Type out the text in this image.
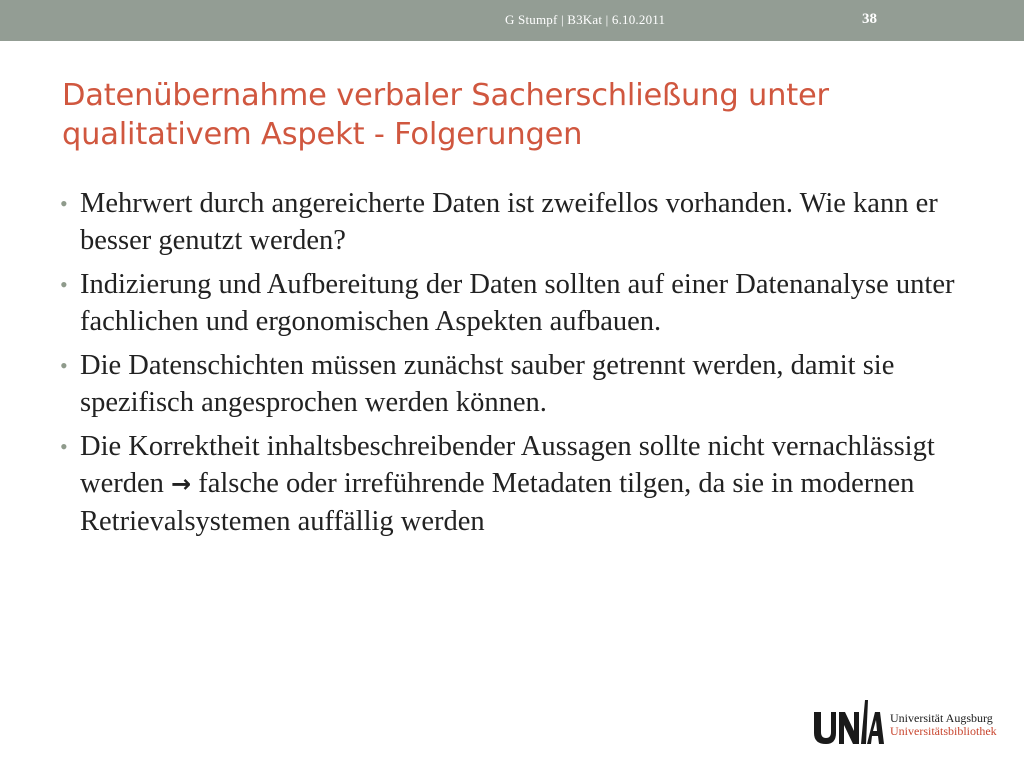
G Stumpf | B3Kat | 6.10.2011	38
Datenübernahme verbaler Sacherschließung unter qualitativem Aspekt - Folgerungen
• Mehrwert durch angereicherte Daten ist zweifellos vorhanden. Wie kann er besser genutzt werden?
• Indizierung und Aufbereitung der Daten sollten auf einer Datenanalyse unter fachlichen und ergonomischen Aspekten aufbauen.
• Die Datenschichten müssen zunächst sauber getrennt werden, damit sie spezifisch angesprochen werden können.
• Die Korrektheit inhaltsbeschreibender Aussagen sollte nicht vernachlässigt werden → falsche oder irreführende Metadaten tilgen, da sie in modernen Retrievalsystemen auffällig werden
Universität Augsburg
Universitätsbibliothek
